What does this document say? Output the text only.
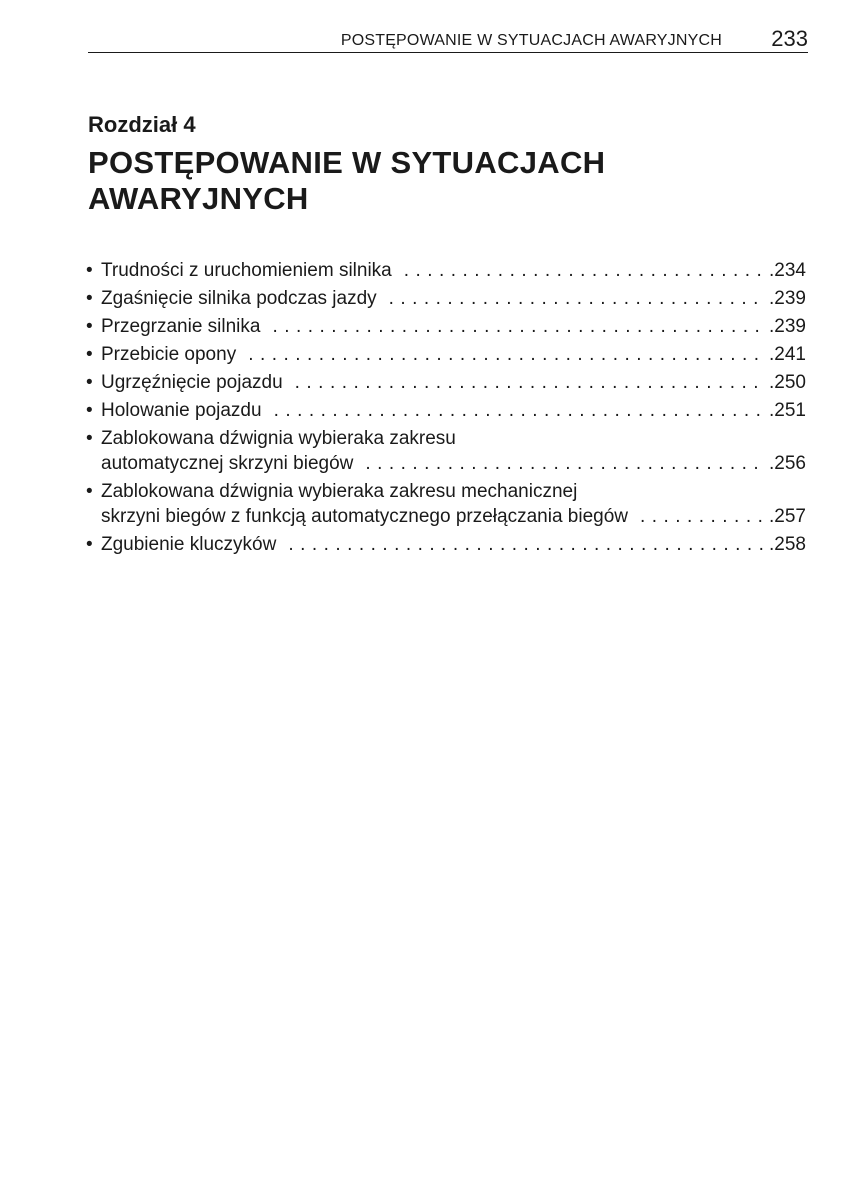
POSTĘPOWANIE W SYTUACJACH AWARYJNYCH 233
Rozdział 4
POSTĘPOWANIE W SYTUACJACH
AWARYJNYCH
• Trudności z uruchomieniem silnika . . .	.234
• Zgaśnięcie silnika podczas jazdy . . .	.239
• Przegrzanie silnika . . .	.239
• Przebicie opony . . .	.241
• Ugrzęźnięcie pojazdu . . .	.250
• Holowanie pojazdu . . .	.251
• Zablokowana dźwignia wybieraka zakresu
automatycznej skrzyni biegów . . .	.256
• Zablokowana dźwignia wybieraka zakresu mechanicznej
skrzyni biegów z funkcją automatycznego przełączania biegów . . .	.257
• Zgubienie kluczyków . . .	.258
